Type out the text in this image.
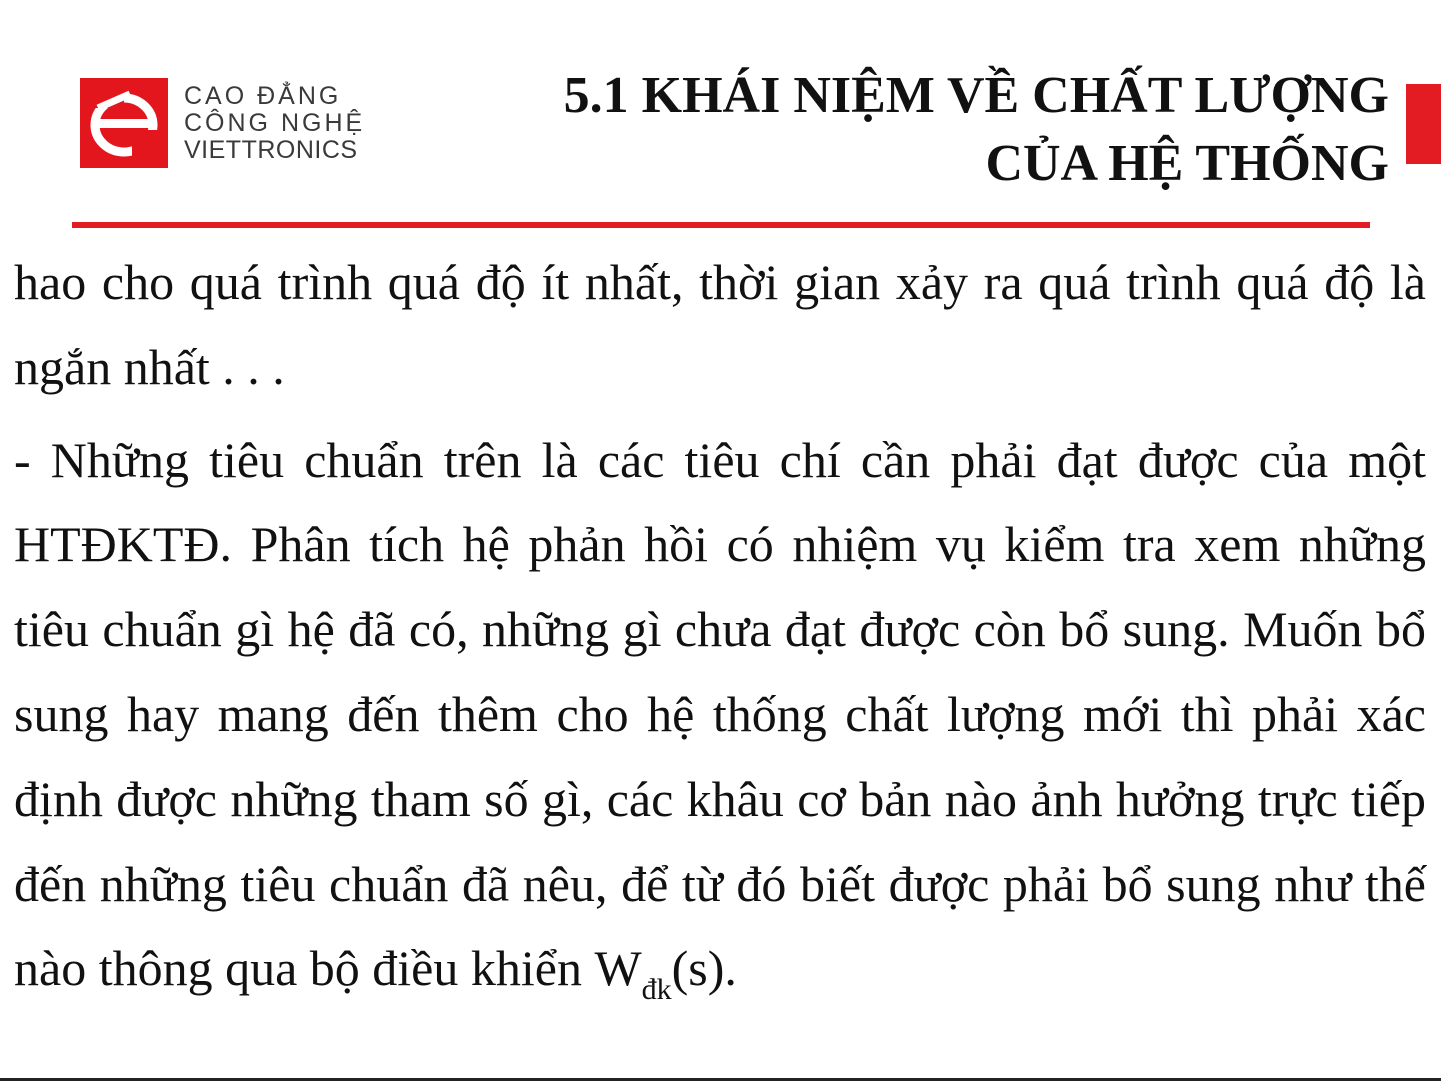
CAO ĐẲNG
CÔNG NGHỆ
VIETTRONICS
5.1 KHÁI NIỆM VỀ CHẤT LƯỢNG
CỦA HỆ THỐNG

hao cho quá trình quá độ ít nhất, thời gian xảy ra quá trình quá độ là ngắn nhất . . .

- Những tiêu chuẩn trên là các tiêu chí cần phải đạt được của một HTĐKTĐ. Phân tích hệ phản hồi có nhiệm vụ kiểm tra xem những tiêu chuẩn gì hệ đã có, những gì chưa đạt được còn bổ sung. Muốn bổ sung hay mang đến thêm cho hệ thống chất lượng mới thì phải xác định được những tham số gì, các khâu cơ bản nào ảnh hưởng trực tiếp đến những tiêu chuẩn đã nêu, để từ đó biết được phải bổ sung như thế nào thông qua bộ điều khiển $W_{đk}(s)$.
